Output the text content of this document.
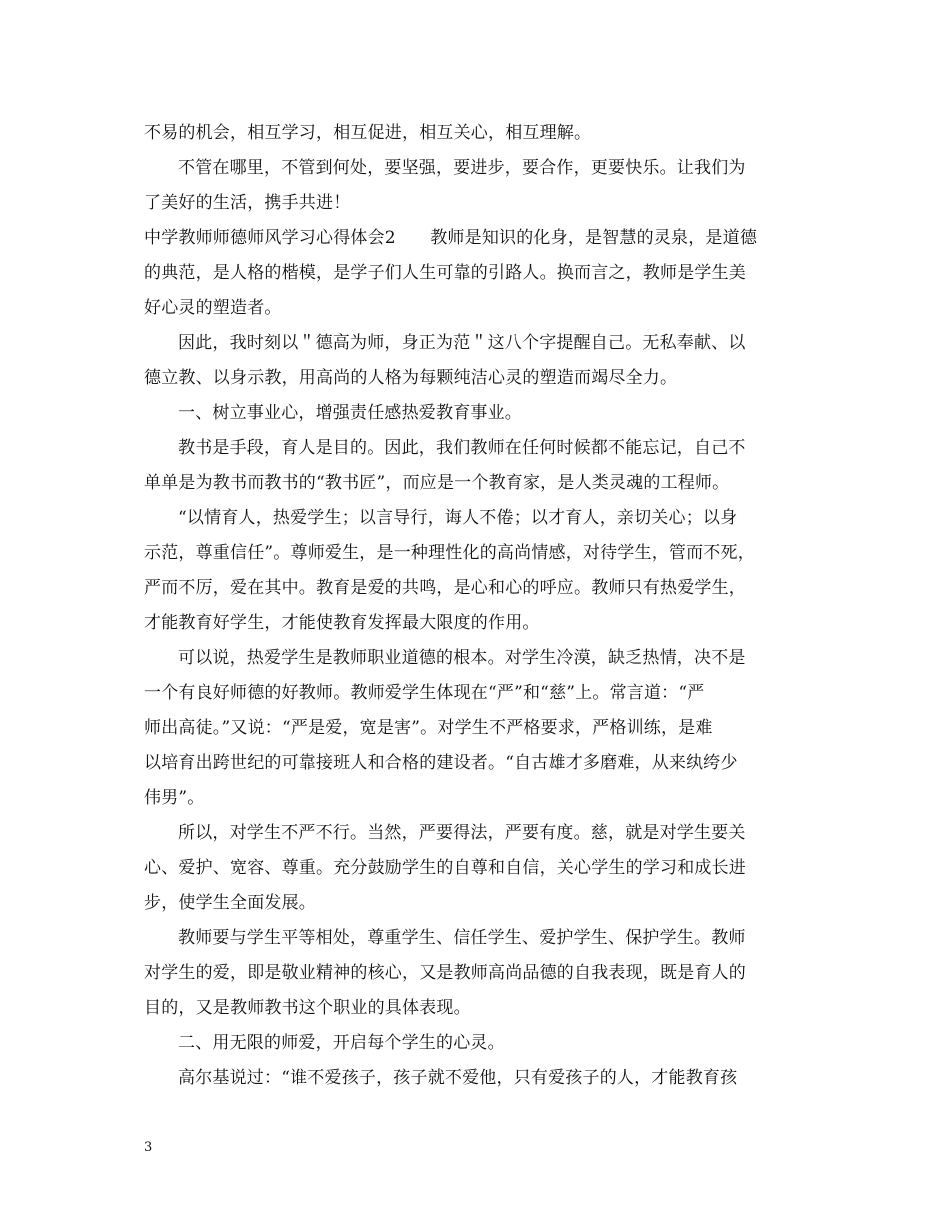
不易的机会，相互学习，相互促进，相互关心，相互理解。
不管在哪里，不管到何处，要坚强，要进步，要合作，更要快乐。让我们为
了美好的生活，携手共进！
中学教师师德师风学习心得体会2　　教师是知识的化身，是智慧的灵泉，是道德
的典范，是人格的楷模，是学子们人生可靠的引路人。换而言之，教师是学生美
好心灵的塑造者。
因此，我时刻以＂德高为师，身正为范＂这八个字提醒自己。无私奉献、以
德立教、以身示教，用高尚的人格为每颗纯洁心灵的塑造而竭尽全力。
一、树立事业心，增强责任感热爱教育事业。
教书是手段，育人是目的。因此，我们教师在任何时候都不能忘记，自己不
单单是为教书而教书的“教书匠”，而应是一个教育家，是人类灵魂的工程师。
“以情育人，热爱学生；以言导行，诲人不倦；以才育人，亲切关心；以身
示范，尊重信任”。尊师爱生，是一种理性化的高尚情感，对待学生，管而不死，
严而不厉，爱在其中。教育是爱的共鸣，是心和心的呼应。教师只有热爱学生，
才能教育好学生，才能使教育发挥最大限度的作用。
可以说，热爱学生是教师职业道德的根本。对学生冷漠，缺乏热情，决不是
一个有良好师德的好教师。教师爱学生体现在“严”和“慈”上。常言道：“严
师出高徒。”又说：“严是爱，宽是害”。对学生不严格要求，严格训练，是难
以培育出跨世纪的可靠接班人和合格的建设者。“自古雄才多磨难，从来纨绔少
伟男”。
所以，对学生不严不行。当然，严要得法，严要有度。慈，就是对学生要关
心、爱护、宽容、尊重。充分鼓励学生的自尊和自信，关心学生的学习和成长进
步，使学生全面发展。
教师要与学生平等相处，尊重学生、信任学生、爱护学生、保护学生。教师
对学生的爱，即是敬业精神的核心，又是教师高尚品德的自我表现，既是育人的
目的，又是教师教书这个职业的具体表现。
二、用无限的师爱，开启每个学生的心灵。
高尔基说过：“谁不爱孩子，孩子就不爱他，只有爱孩子的人，才能教育孩
3
